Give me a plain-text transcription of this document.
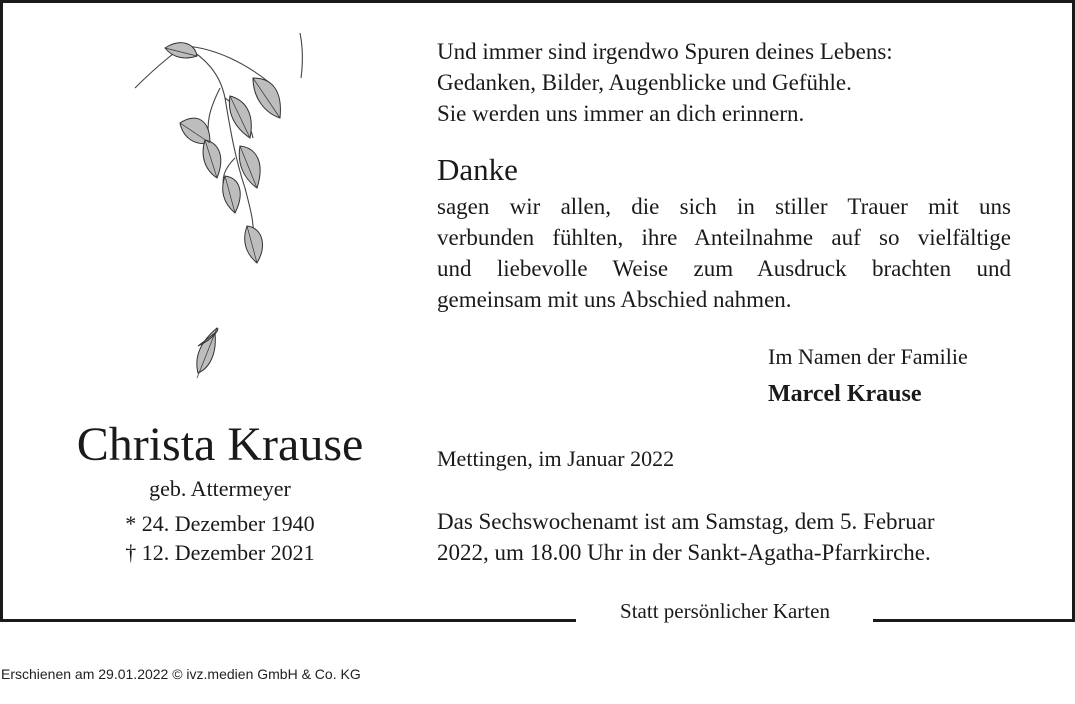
Christa Krause
geb. Attermeyer
* 24. Dezember 1940
† 12. Dezember 2021
Und immer sind irgendwo Spuren deines Lebens:
Gedanken, Bilder, Augenblicke und Gefühle.
Sie werden uns immer an dich erinnern.
Danke
sagen wir allen, die sich in stiller Trauer mit uns
verbunden fühlten, ihre Anteilnahme auf so vielfältige
und liebevolle Weise zum Ausdruck brachten und
gemeinsam mit uns Abschied nahmen.
Im Namen der Familie
Marcel Krause
Mettingen, im Januar 2022
Das Sechswochenamt ist am Samstag, dem 5. Februar
2022, um 18.00 Uhr in der Sankt-Agatha-Pfarrkirche.
Statt persönlicher Karten
Erschienen am 29.01.2022 © ivz.medien GmbH & Co. KG
